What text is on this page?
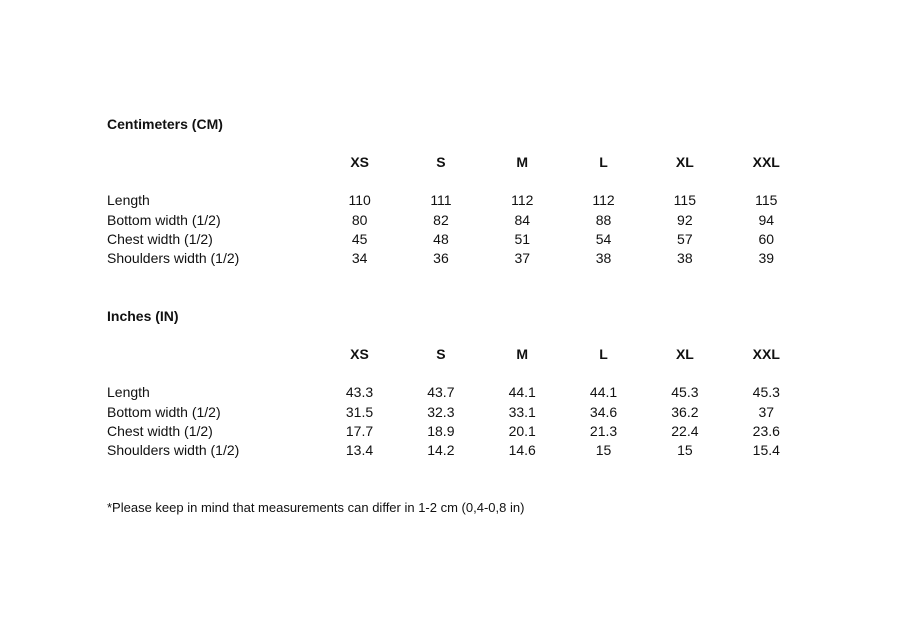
Centimeters (CM)
	XS	S	M	L	XL	XXL

Length	110	111	112	112	115	115
Bottom width (1/2)	80	82	84	88	92	94
Chest width (1/2)	45	48	51	54	57	60
Shoulders width (1/2)	34	36	37	38	38	39
Inches (IN)
	XS	S	M	L	XL	XXL

Length	43.3	43.7	44.1	44.1	45.3	45.3
Bottom width (1/2)	31.5	32.3	33.1	34.6	36.2	37
Chest width (1/2)	17.7	18.9	20.1	21.3	22.4	23.6
Shoulders width (1/2)	13.4	14.2	14.6	15	15	15.4

*Please keep in mind that measurements can differ in 1-2 cm (0,4-0,8 in)
